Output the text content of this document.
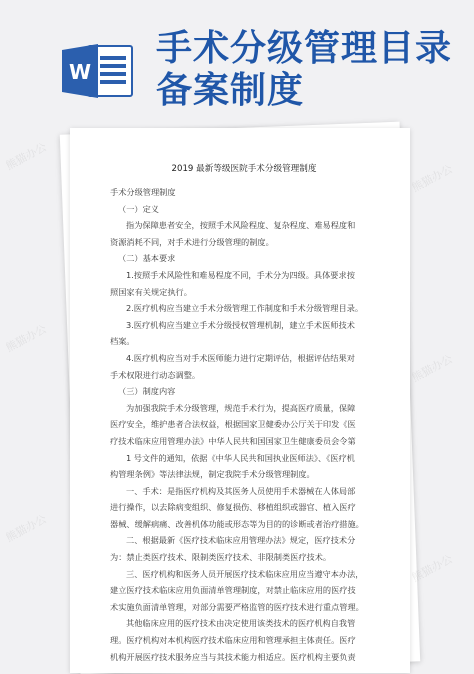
W
手术分级管理目录
备案制度
2019 最新等级医院手术分级管理制度

手术分级管理制度

（一）定义

指为保障患者安全，按照手术风险程度、复杂程度、难易程度和

资源消耗不同，对手术进行分级管理的制度。

（二）基本要求

1.按照手术风险性和难易程度不同，手术分为四级。具体要求按

照国家有关规定执行。

2.医疗机构应当建立手术分级管理工作制度和手术分级管理目录。

3.医疗机构应当建立手术分级授权管理机制，建立手术医师技术

档案。

4.医疗机构应当对手术医师能力进行定期评估，根据评估结果对

手术权限进行动态调整。

（三）制度内容

为加强我院手术分级管理，规范手术行为，提高医疗质量，保障

医疗安全，维护患者合法权益，根据国家卫健委办公厅关于印发《医

疗技术临床应用管理办法》中华人民共和国国家卫生健康委员会令第

1 号文件的通知，依据《中华人民共和国执业医师法》、《医疗机

构管理条例》等法律法规，制定我院手术分级管理制度。

一、手术：是指医疗机构及其医务人员使用手术器械在人体局部

进行操作，以去除病变组织、修复损伤、移植组织或器官、植入医疗

器械、缓解病痛、改善机体功能或形态等为目的的诊断或者治疗措施。

二、根据最新《医疗技术临床应用管理办法》规定，医疗技术分

为：禁止类医疗技术、限制类医疗技术、非限制类医疗技术。

三、医疗机构和医务人员开展医疗技术临床应用应当遵守本办法，

建立医疗技术临床应用负面清单管理制度，对禁止临床应用的医疗技

术实施负面清单管理，对部分需要严格监管的医疗技术进行重点管理。

其他临床应用的医疗技术由决定使用该类技术的医疗机构自我管

理。医疗机构对本机构医疗技术临床应用和管理承担主体责任。医疗

机构开展医疗技术服务应当与其技术能力相适应。医疗机构主要负责

熊猫办公
熊猫办公
熊猫办公
熊猫办公
熊猫办公
熊猫办公
